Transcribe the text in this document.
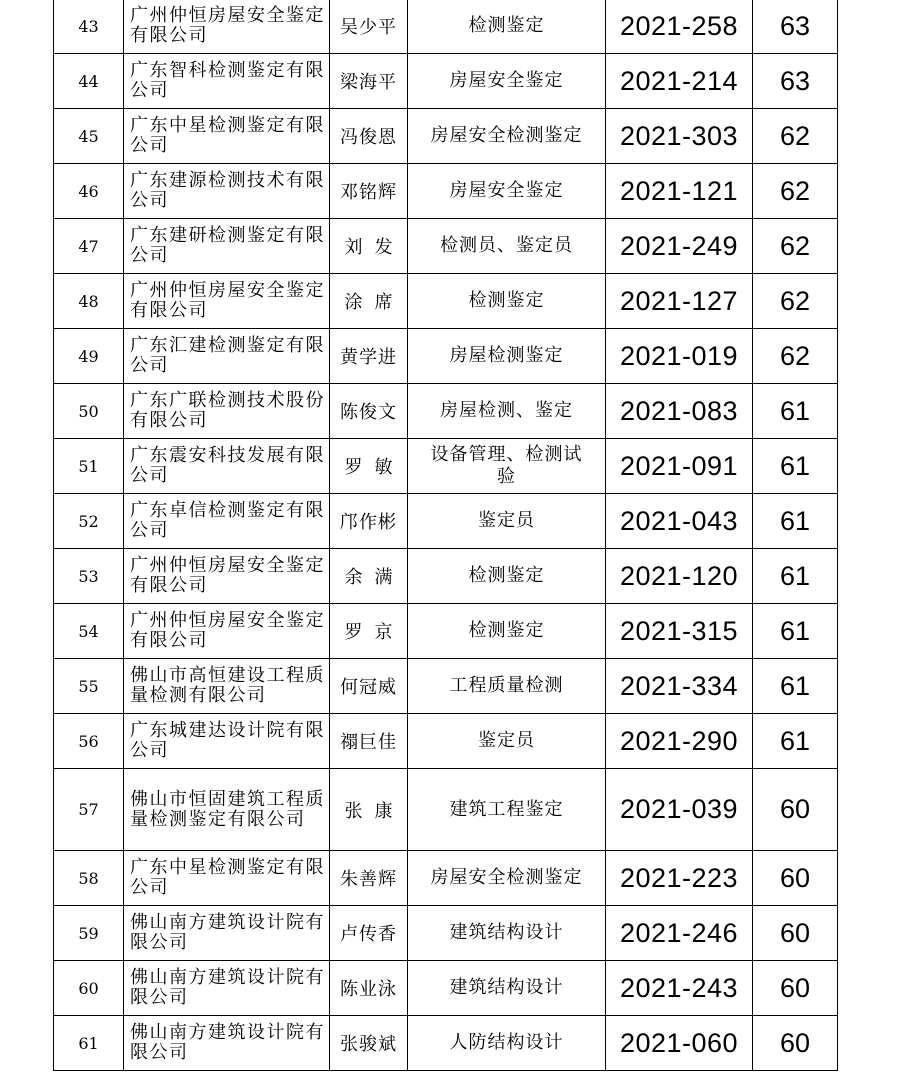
43	广州仲恒房屋安全鉴定有限公司	吴少平	检测鉴定	2021-258	63
44	广东智科检测鉴定有限公司	梁海平	房屋安全鉴定	2021-214	63
45	广东中星检测鉴定有限公司	冯俊恩	房屋安全检测鉴定	2021-303	62
46	广东建源检测技术有限公司	邓铭辉	房屋安全鉴定	2021-121	62
47	广东建研检测鉴定有限公司	刘发	检测员、鉴定员	2021-249	62
48	广州仲恒房屋安全鉴定有限公司	涂席	检测鉴定	2021-127	62
49	广东汇建检测鉴定有限公司	黄学进	房屋检测鉴定	2021-019	62
50	广东广联检测技术股份有限公司	陈俊文	房屋检测、鉴定	2021-083	61
51	广东震安科技发展有限公司	罗敏	设备管理、检测试验	2021-091	61
52	广东卓信检测鉴定有限公司	邝作彬	鉴定员	2021-043	61
53	广州仲恒房屋安全鉴定有限公司	余满	检测鉴定	2021-120	61
54	广州仲恒房屋安全鉴定有限公司	罗京	检测鉴定	2021-315	61
55	佛山市高恒建设工程质量检测有限公司	何冠威	工程质量检测	2021-334	61
56	广东城建达设计院有限公司	禤巨佳	鉴定员	2021-290	61
57	佛山市恒固建筑工程质量检测鉴定有限公司	张康	建筑工程鉴定	2021-039	60
58	广东中星检测鉴定有限公司	朱善辉	房屋安全检测鉴定	2021-223	60
59	佛山南方建筑设计院有限公司	卢传香	建筑结构设计	2021-246	60
60	佛山南方建筑设计院有限公司	陈业泳	建筑结构设计	2021-243	60
61	佛山南方建筑设计院有限公司	张骏斌	人防结构设计	2021-060	60
